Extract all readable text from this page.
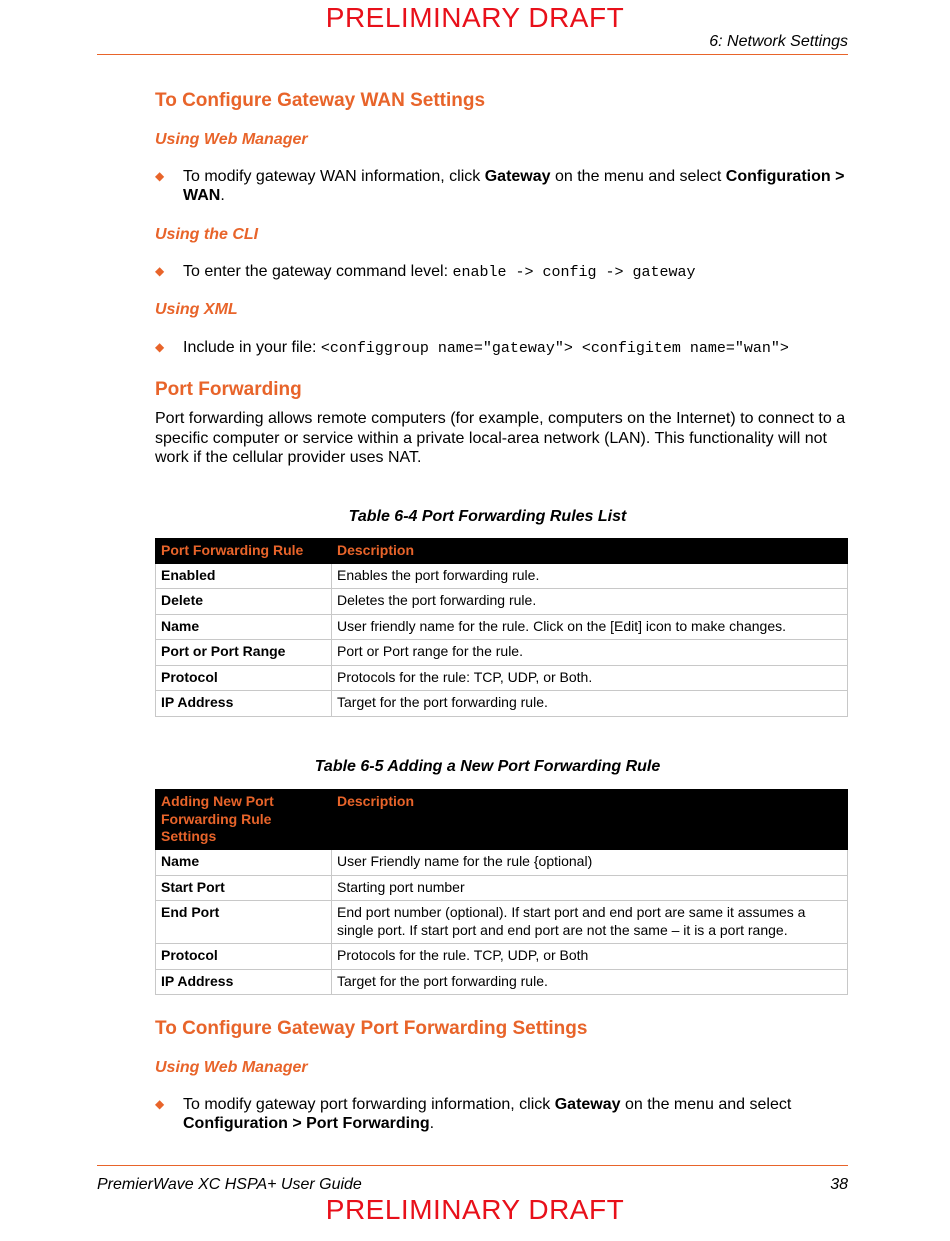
PRELIMINARY DRAFT
6: Network Settings
To Configure Gateway WAN Settings
Using Web Manager
◆ To modify gateway WAN information, click Gateway on the menu and select Configuration > WAN.
Using the CLI
◆ To enter the gateway command level: enable -> config -> gateway
Using XML
◆ Include in your file: <configgroup name="gateway"> <configitem name="wan">
Port Forwarding
Port forwarding allows remote computers (for example, computers on the Internet) to connect to a specific computer or service within a private local-area network (LAN). This functionality will not work if the cellular provider uses NAT.
Table 6-4 Port Forwarding Rules List
Port Forwarding Rule	Description
Enabled	Enables the port forwarding rule.
Delete	Deletes the port forwarding rule.
Name	User friendly name for the rule. Click on the [Edit] icon to make changes.
Port or Port Range	Port or Port range for the rule.
Protocol	Protocols for the rule: TCP, UDP, or Both.
IP Address	Target for the port forwarding rule.
Table 6-5 Adding a New Port Forwarding Rule
Adding New Port Forwarding Rule Settings	Description
Name	User Friendly name for the rule {optional)
Start Port	Starting port number
End Port	End port number (optional). If start port and end port are same it assumes a single port. If start port and end port are not the same – it is a port range.
Protocol	Protocols for the rule. TCP, UDP, or Both
IP Address	Target for the port forwarding rule.
To Configure Gateway Port Forwarding Settings
Using Web Manager
◆ To modify gateway port forwarding information, click Gateway on the menu and select Configuration > Port Forwarding.
PremierWave XC HSPA+ User Guide	38
PRELIMINARY DRAFT
